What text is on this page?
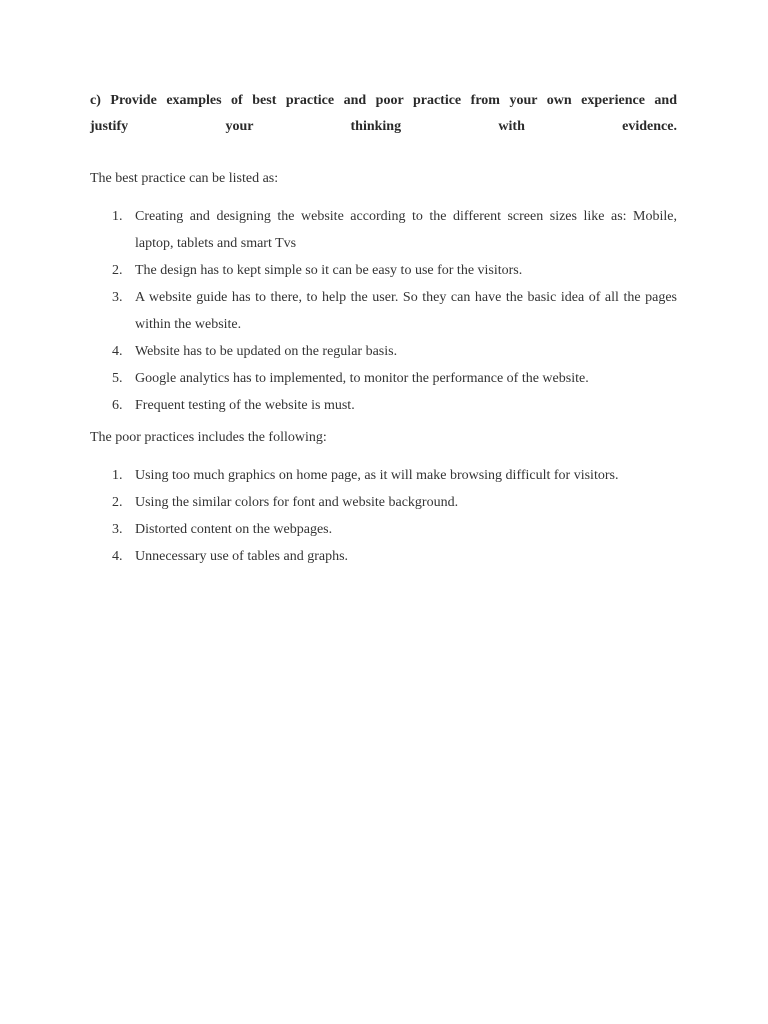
c) Provide examples of best practice and poor practice from your own experience and
justify	your	thinking	with	evidence.

The best practice can be listed as:

1. Creating and designing the website according to the different screen sizes like as: Mobile, laptop, tablets and smart Tvs
2. The design has to kept simple so it can be easy to use for the visitors.
3. A website guide has to there, to help the user. So they can have the basic idea of all the pages within the website.
4. Website has to be updated on the regular basis.
5. Google analytics has to implemented, to monitor the performance of the website.
6. Frequent testing of the website is must.

The poor practices includes the following:

1. Using too much graphics on home page, as it will make browsing difficult for visitors.
2. Using the similar colors for font and website background.
3. Distorted content on the webpages.
4. Unnecessary use of tables and graphs.
